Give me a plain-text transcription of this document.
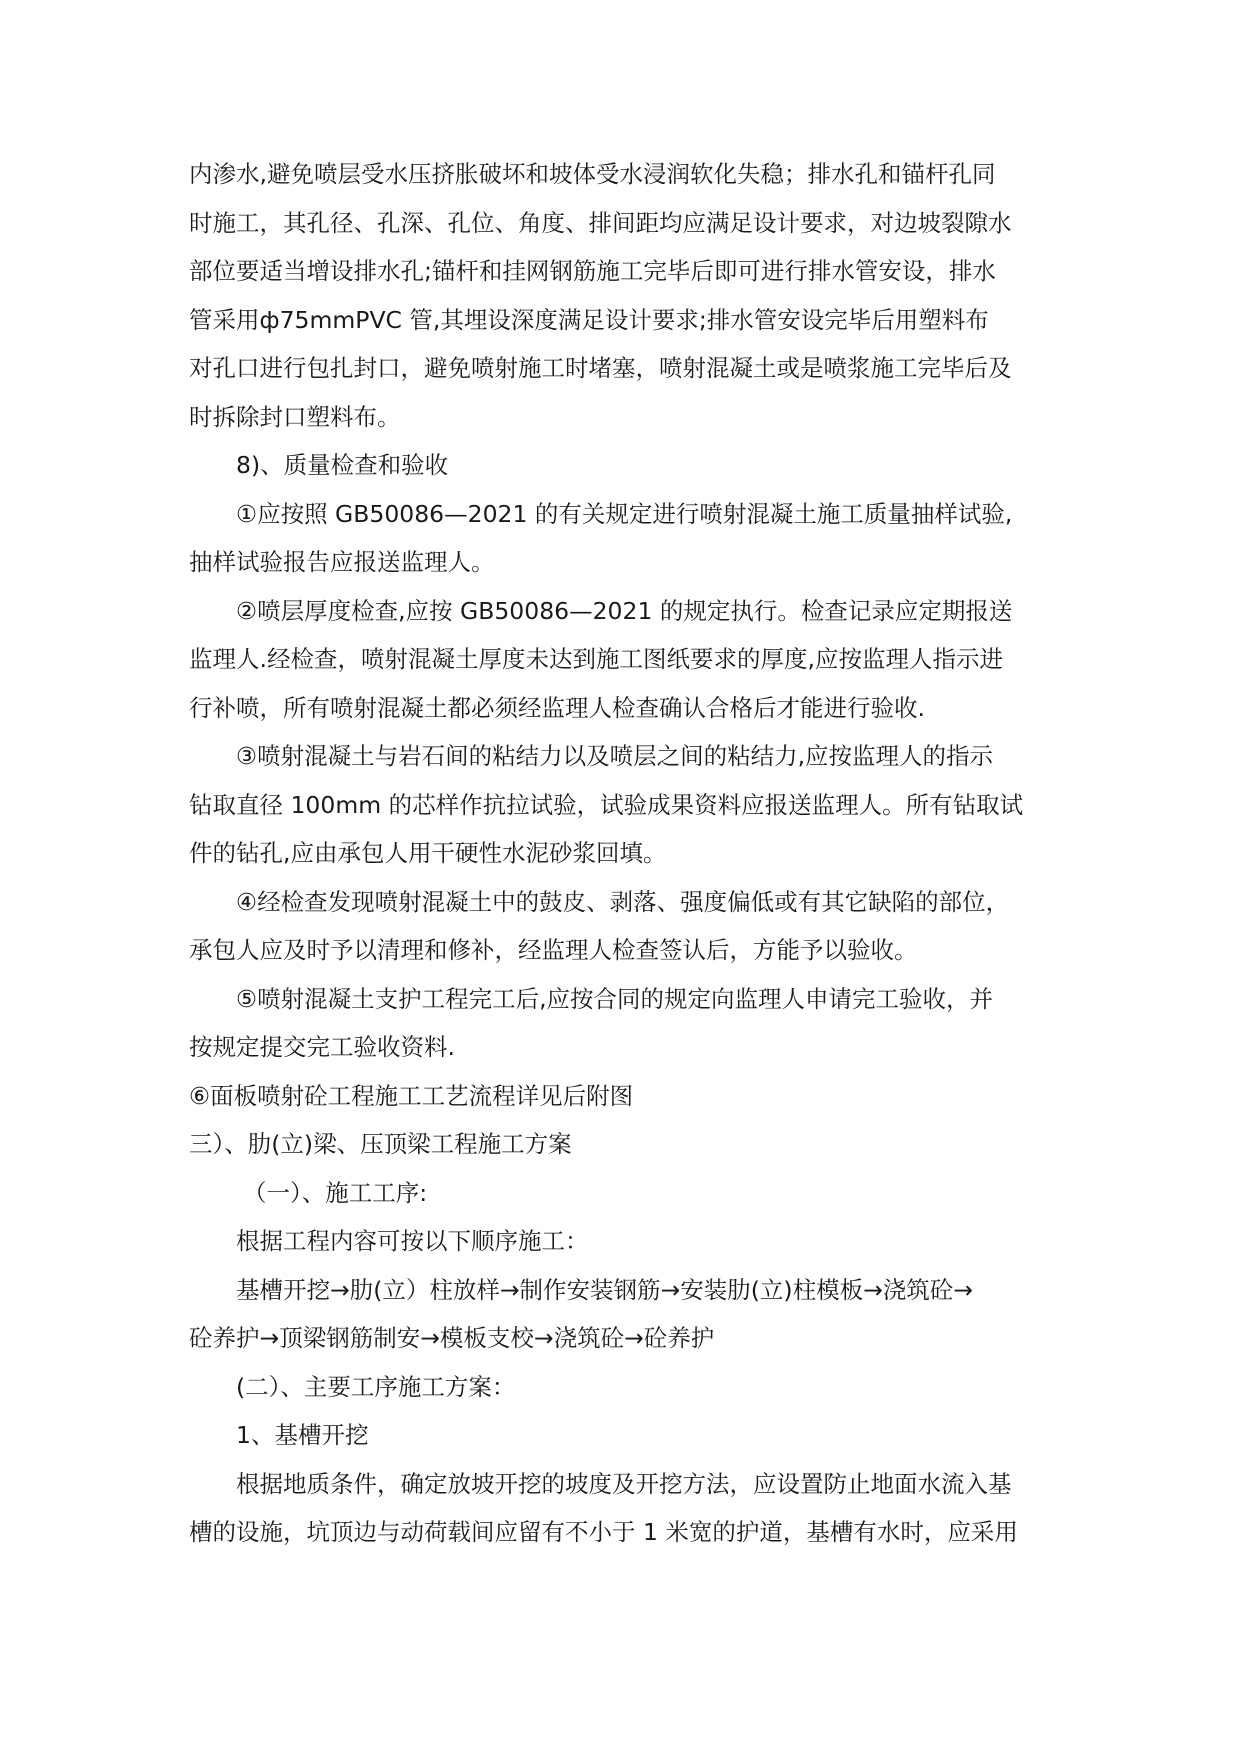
内渗水,避免喷层受水压挤胀破坏和坡体受水浸润软化失稳；排水孔和锚杆孔同
时施工，其孔径、孔深、孔位、角度、排间距均应满足设计要求，对边坡裂隙水
部位要适当增设排水孔;锚杆和挂网钢筋施工完毕后即可进行排水管安设，排水
管采用ф75mmPVC 管,其埋设深度满足设计要求;排水管安设完毕后用塑料布
对孔口进行包扎封口，避免喷射施工时堵塞，喷射混凝土或是喷浆施工完毕后及
时拆除封口塑料布。
8)、质量检查和验收
①应按照 GB50086—2021 的有关规定进行喷射混凝土施工质量抽样试验,
抽样试验报告应报送监理人。
②喷层厚度检查,应按 GB50086—2021 的规定执行。检查记录应定期报送
监理人.经检查，喷射混凝土厚度未达到施工图纸要求的厚度,应按监理人指示进
行补喷，所有喷射混凝土都必须经监理人检查确认合格后才能进行验收.
③喷射混凝土与岩石间的粘结力以及喷层之间的粘结力,应按监理人的指示
钻取直径 100mm 的芯样作抗拉试验，试验成果资料应报送监理人。所有钻取试
件的钻孔,应由承包人用干硬性水泥砂浆回填。
④经检查发现喷射混凝土中的鼓皮、剥落、强度偏低或有其它缺陷的部位，
承包人应及时予以清理和修补，经监理人检查签认后，方能予以验收。
⑤喷射混凝土支护工程完工后,应按合同的规定向监理人申请完工验收，并
按规定提交完工验收资料.
⑥面板喷射砼工程施工工艺流程详见后附图
三）、肋(立)梁、压顶梁工程施工方案
（一）、施工工序:
根据工程内容可按以下顺序施工：
基槽开挖→肋(立）柱放样→制作安装钢筋→安装肋(立)柱模板→浇筑砼→
砼养护→顶梁钢筋制安→模板支校→浇筑砼→砼养护
(二）、主要工序施工方案：
1、基槽开挖
根据地质条件，确定放坡开挖的坡度及开挖方法，应设置防止地面水流入基
槽的设施，坑顶边与动荷载间应留有不小于 1 米宽的护道，基槽有水时，应采用
